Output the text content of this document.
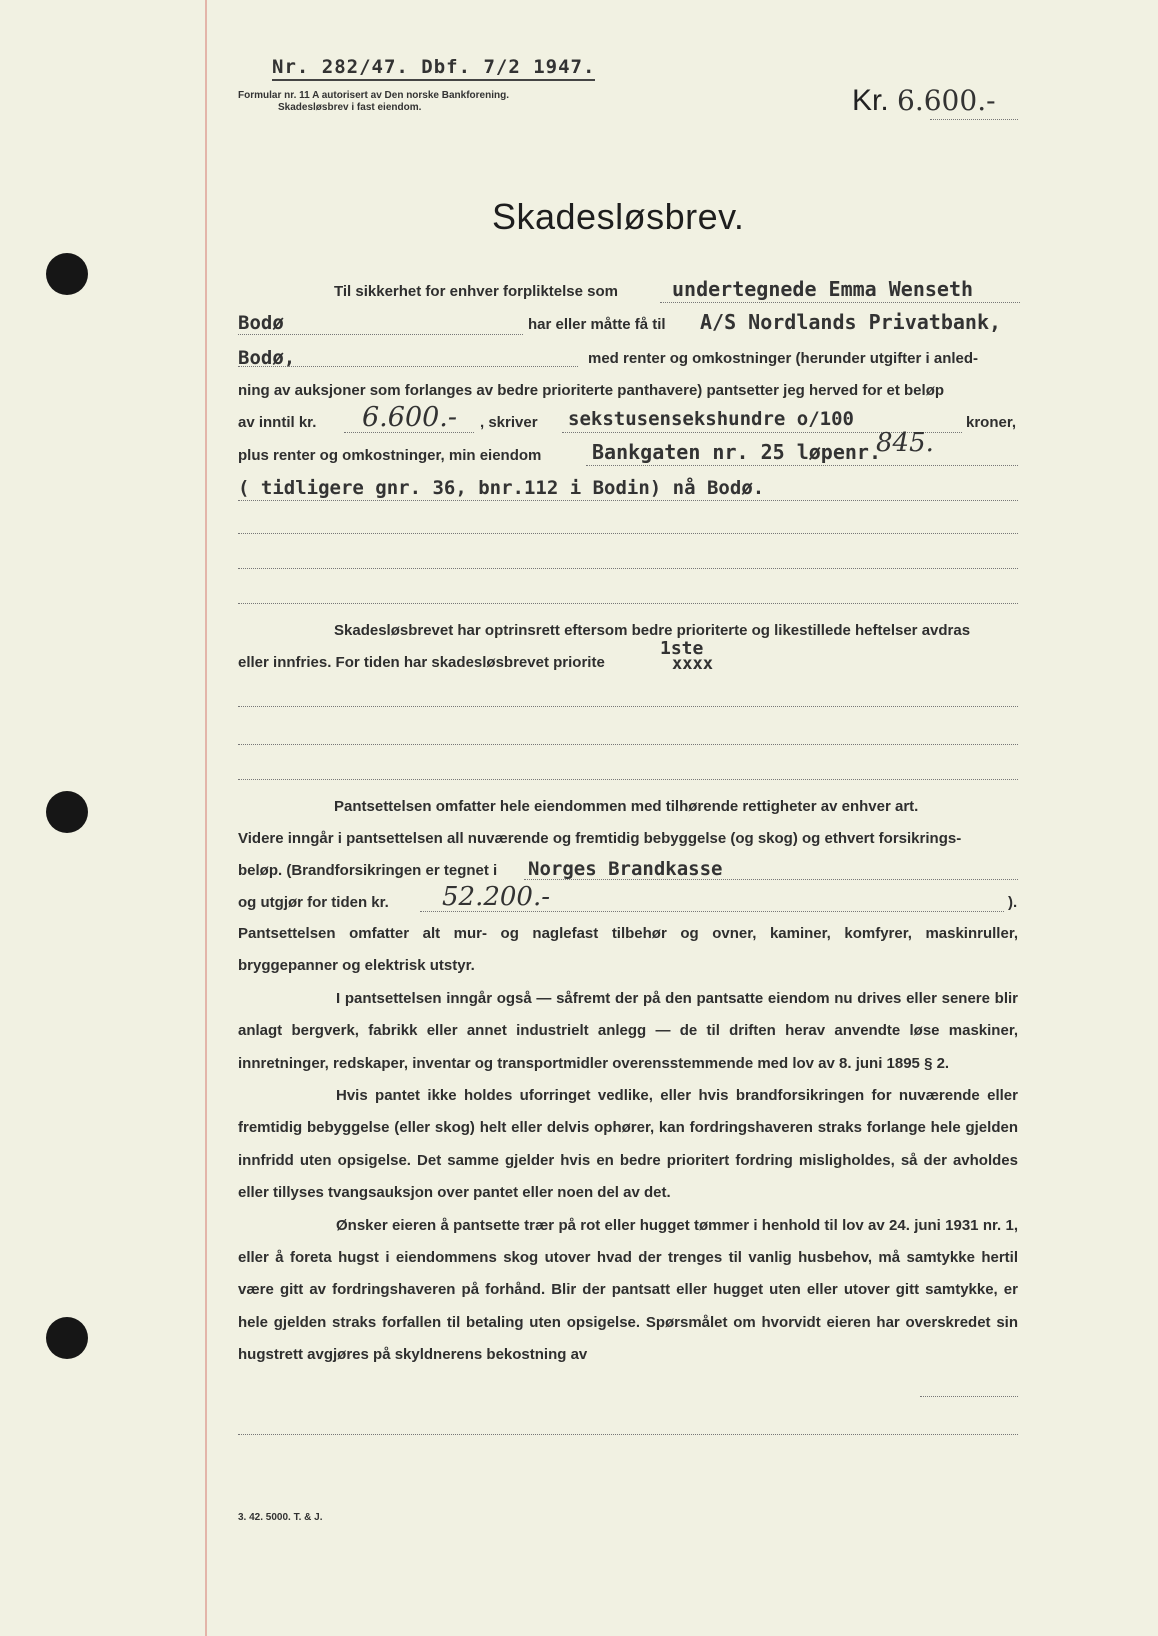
Nr. 282/47. Dbf. 7/2 1947.
Formular nr. 11 A autorisert av Den norske Bankforening.
Skadesløsbrev i fast eiendom.	Kr. 6.600.-
Skadesløsbrev.
Til sikkerhet for enhver forpliktelse som	undertegnede Emma Wenseth
Bodø	har eller måtte få til A/S Nordlands Privatbank,
Bodø,	med renter og omkostninger (herunder utgifter i anled-
ning av auksjoner som forlanges av bedre prioriterte panthavere) pantsetter jeg herved for et beløp
av inntil kr. 6.600.- , skriver sekstusensekshundre o/100	kroner,
plus renter og omkostninger, min eiendom	Bankgaten nr. 25 løpenr.
845.
( tidligere gnr. 36, bnr.112 i Bodin) nå Bodø.
Skadesløsbrevet har optrinsrett eftersom bedre prioriterte og likestillede heftelser avdras
eller innfries. For tiden har skadesløsbrevet priorite
1ste
xxxx
Pantsettelsen omfatter hele eiendommen med tilhørende rettigheter av enhver art.
Videre inngår i pantsettelsen all nuværende og fremtidig bebyggelse (og skog) og ethvert forsikrings-
beløp. (Brandforsikringen er tegnet i Norges Brandkasse
og utgjør for tiden kr. 52.200.-	).

Pantsettelsen omfatter alt mur- og naglefast tilbehør og ovner, kaminer, komfyrer, maskinruller, bryggepanner og elektrisk utstyr.

I pantsettelsen inngår også — såfremt der på den pantsatte eiendom nu drives eller senere blir anlagt bergverk, fabrikk eller annet industrielt anlegg — de til driften herav anvendte løse maskiner, innretninger, redskaper, inventar og transportmidler overensstemmende med lov av 8. juni 1895 § 2.

Hvis pantet ikke holdes uforringet vedlike, eller hvis brandforsikringen for nuværende eller fremtidig bebyggelse (eller skog) helt eller delvis ophører, kan fordringshaveren straks forlange hele gjelden innfridd uten opsigelse. Det samme gjelder hvis en bedre prioritert fordring misligholdes, så der avholdes eller tillyses tvangsauksjon over pantet eller noen del av det.

Ønsker eieren å pantsette trær på rot eller hugget tømmer i henhold til lov av 24. juni 1931 nr. 1, eller å foreta hugst i eiendommens skog utover hvad der trenges til vanlig husbehov, må samtykke hertil være gitt av fordringshaveren på forhånd. Blir der pantsatt eller hugget uten eller utover gitt samtykke, er hele gjelden straks forfallen til betaling uten opsigelse. Spørsmålet om hvorvidt eieren har overskredet sin hugstrett avgjøres på skyldnerens bekostning av

3. 42. 5000. T. & J.
